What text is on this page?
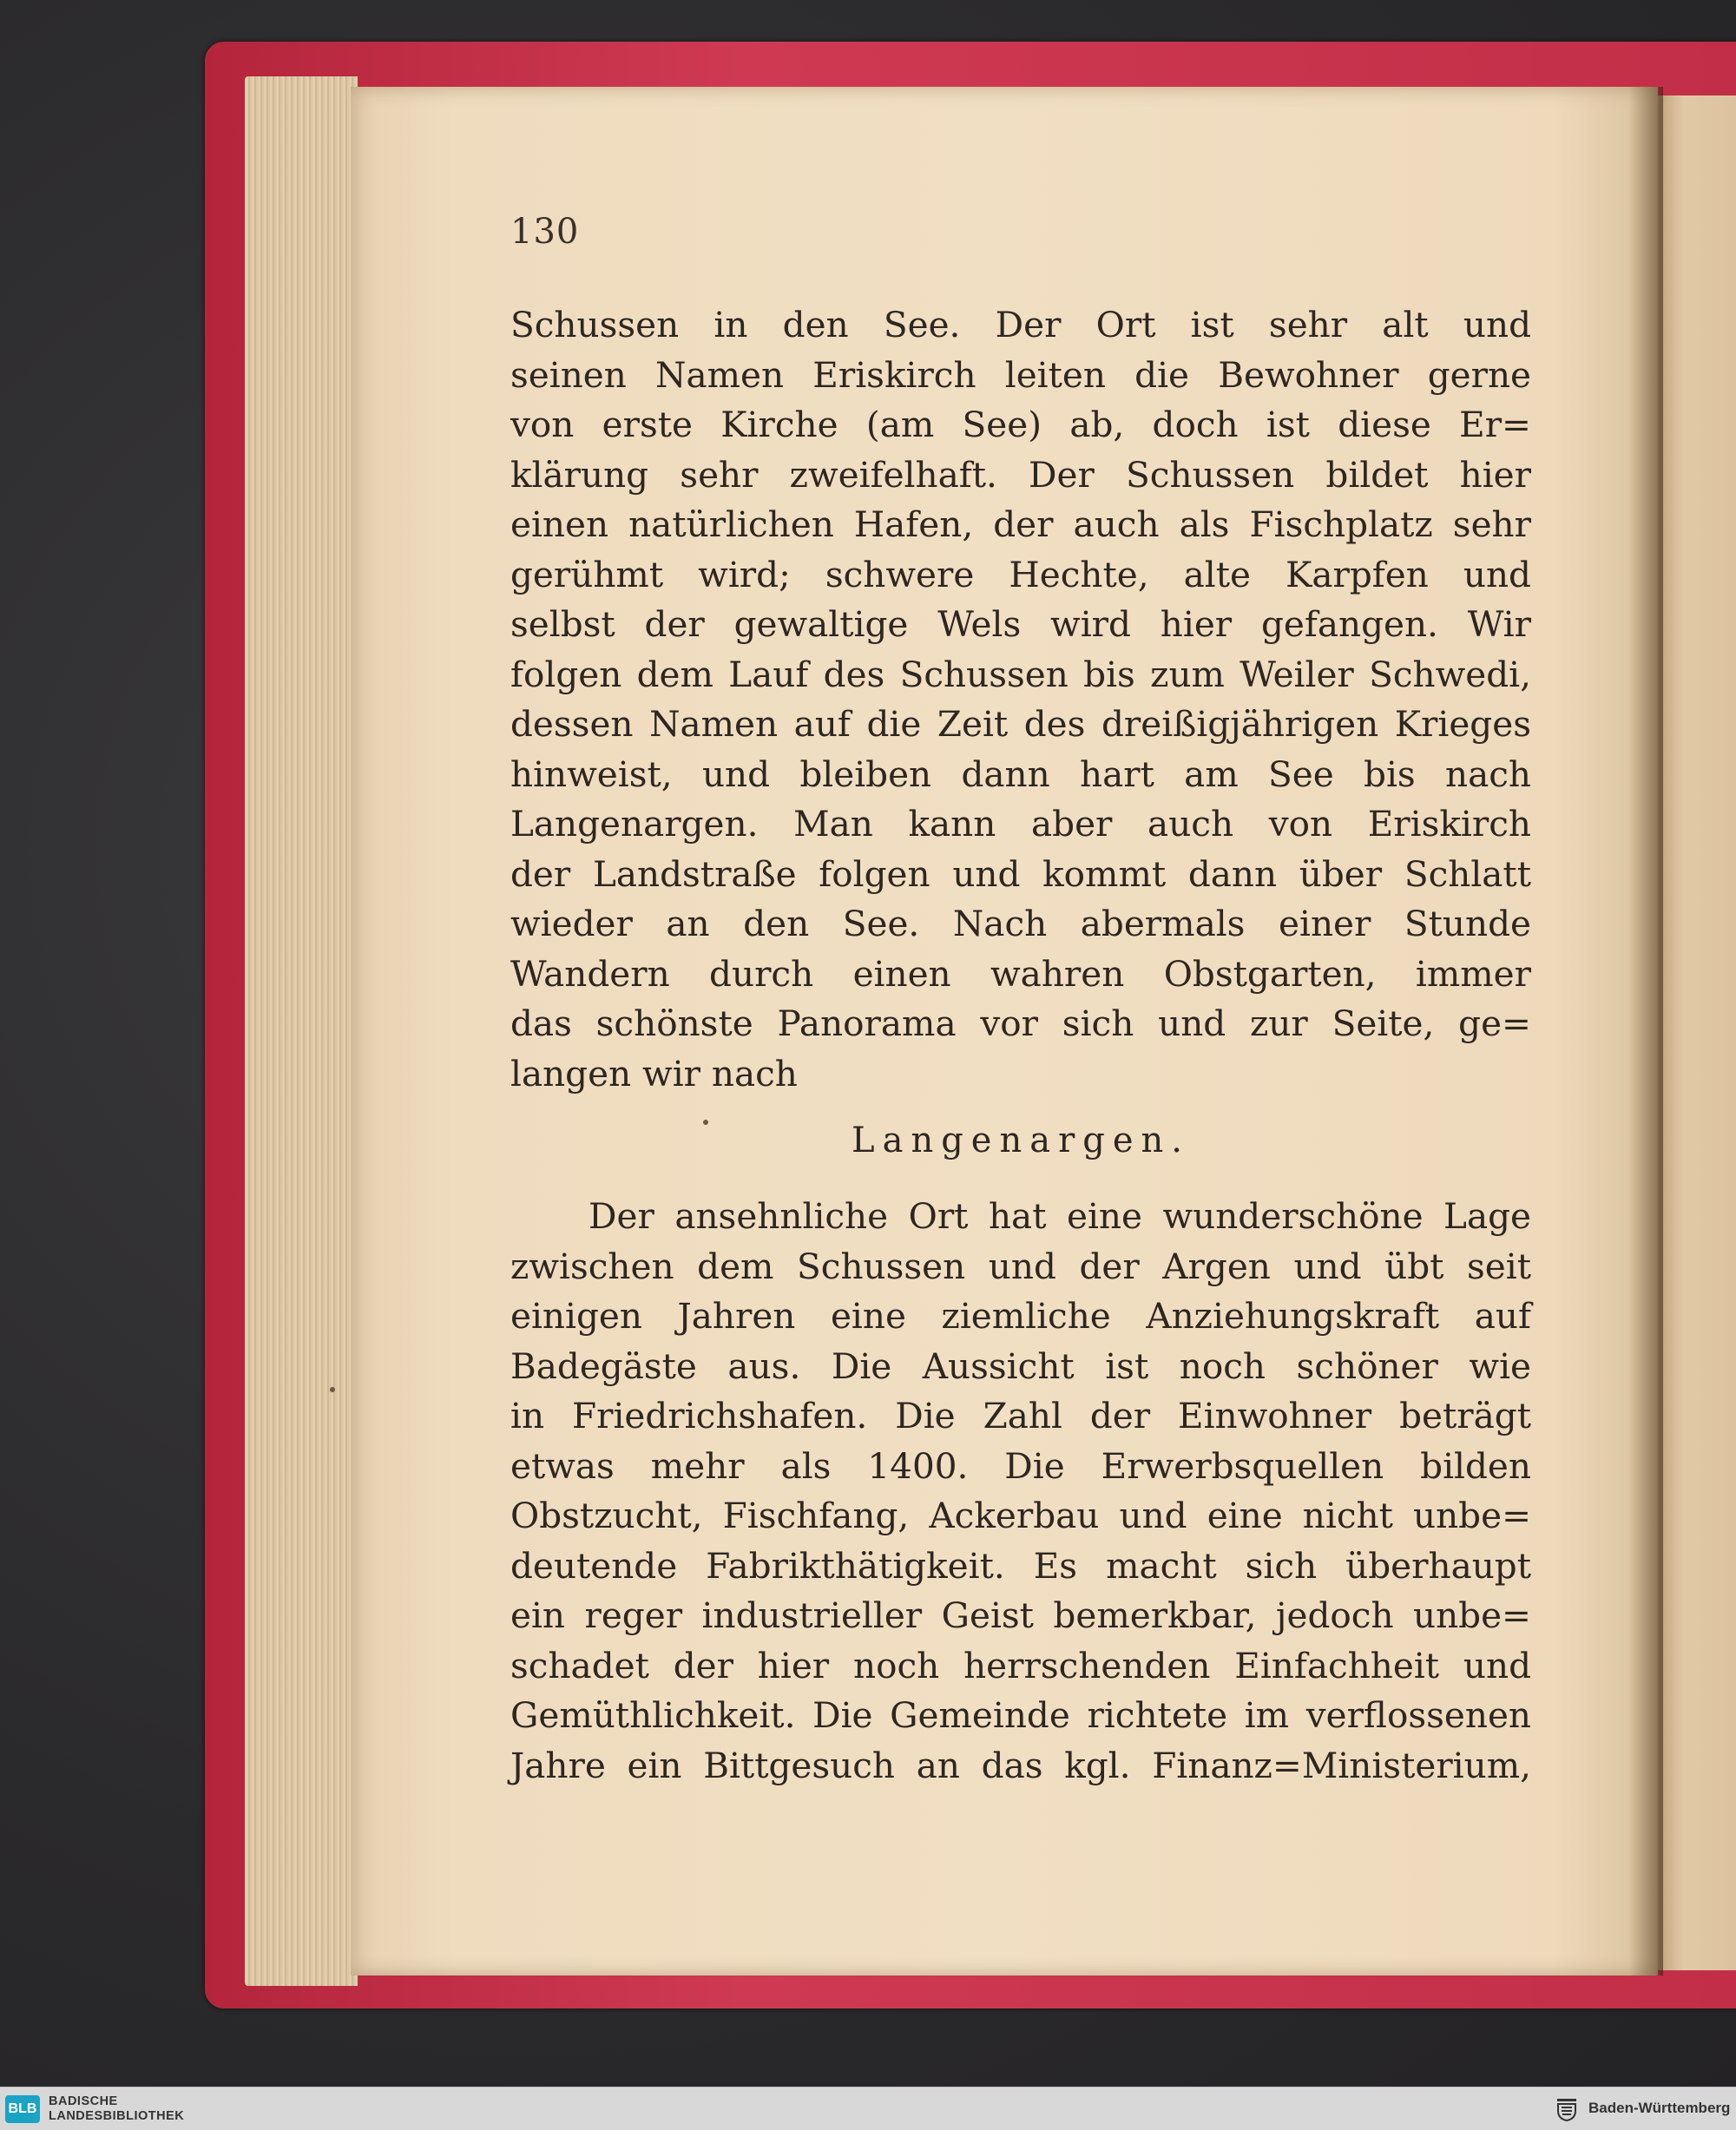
130
Schussen in den See. Der Ort ist sehr alt und
seinen Namen Eriskirch leiten die Bewohner gerne
von erste Kirche (am See) ab, doch ist diese Er=
klärung sehr zweifelhaft. Der Schussen bildet hier
einen natürlichen Hafen, der auch als Fischplatz sehr
gerühmt wird; schwere Hechte, alte Karpfen und
selbst der gewaltige Wels wird hier gefangen. Wir
folgen dem Lauf des Schussen bis zum Weiler Schwedi,
dessen Namen auf die Zeit des dreißigjährigen Krieges
hinweist, und bleiben dann hart am See bis nach
Langenargen. Man kann aber auch von Eriskirch
der Landstraße folgen und kommt dann über Schlatt
wieder an den See. Nach abermals einer Stunde
Wandern durch einen wahren Obstgarten, immer
das schönste Panorama vor sich und zur Seite, ge=
langen wir nach
Langenargen.
Der ansehnliche Ort hat eine wunderschöne Lage
zwischen dem Schussen und der Argen und übt seit
einigen Jahren eine ziemliche Anziehungskraft auf
Badegäste aus. Die Aussicht ist noch schöner wie
in Friedrichshafen. Die Zahl der Einwohner beträgt
etwas mehr als 1400. Die Erwerbsquellen bilden
Obstzucht, Fischfang, Ackerbau und eine nicht unbe=
deutende Fabrikthätigkeit. Es macht sich überhaupt
ein reger industrieller Geist bemerkbar, jedoch unbe=
schadet der hier noch herrschenden Einfachheit und
Gemüthlichkeit. Die Gemeinde richtete im verflossenen
Jahre ein Bittgesuch an das kgl. Finanz=Ministerium,
BLB BADISCHE
LANDESBIBLIOTHEK	Baden-Württemberg
